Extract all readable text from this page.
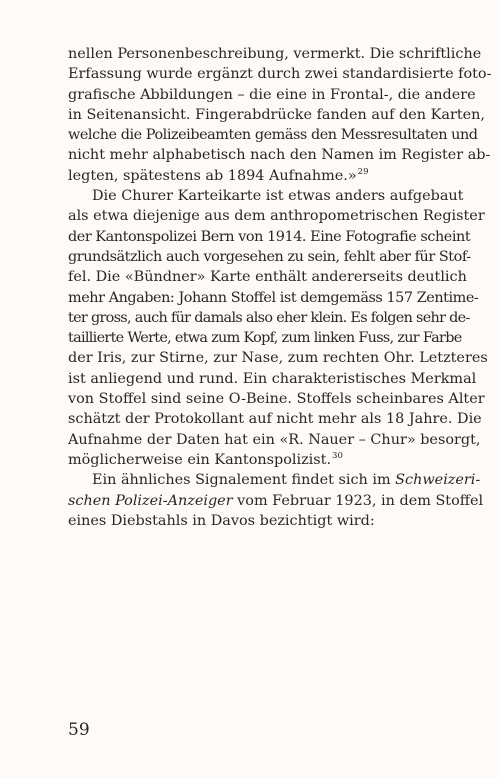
nellen Personenbeschreibung, vermerkt. Die schriftliche
Erfassung wurde ergänzt durch zwei standardisierte foto-
grafische Abbildungen – die eine in Frontal-, die andere
in Seitenansicht. Fingerabdrücke fanden auf den Karten,
welche die Polizeibeamten gemäss den Messresultaten und
nicht mehr alphabetisch nach den Namen im Register ab-
legten, spätestens ab 1894 Aufnahme.»$^{29}$
Die Churer Karteikarte ist etwas anders aufgebaut
als etwa diejenige aus dem anthropometrischen Register
der Kantonspolizei Bern von 1914. Eine Fotografie scheint
grundsätzlich auch vorgesehen zu sein, fehlt aber für Stof-
fel. Die «Bündner» Karte enthält andererseits deutlich
mehr Angaben: Johann Stoffel ist demgemäss 157 Zentime-
ter gross, auch für damals also eher klein. Es folgen sehr de-
taillierte Werte, etwa zum Kopf, zum linken Fuss, zur Farbe
der Iris, zur Stirne, zur Nase, zum rechten Ohr. Letzteres
ist anliegend und rund. Ein charakteristisches Merkmal
von Stoffel sind seine O-Beine. Stoffels scheinbares Alter
schätzt der Protokollant auf nicht mehr als 18 Jahre. Die
Aufnahme der Daten hat ein «R. Nauer – Chur» besorgt,
möglicherweise ein Kantonspolizist.$^{30}$
Ein ähnliches Signalement findet sich im Schweizeri-
schen Polizei-Anzeiger vom Februar 1923, in dem Stoffel
eines Diebstahls in Davos bezichtigt wird:
59
